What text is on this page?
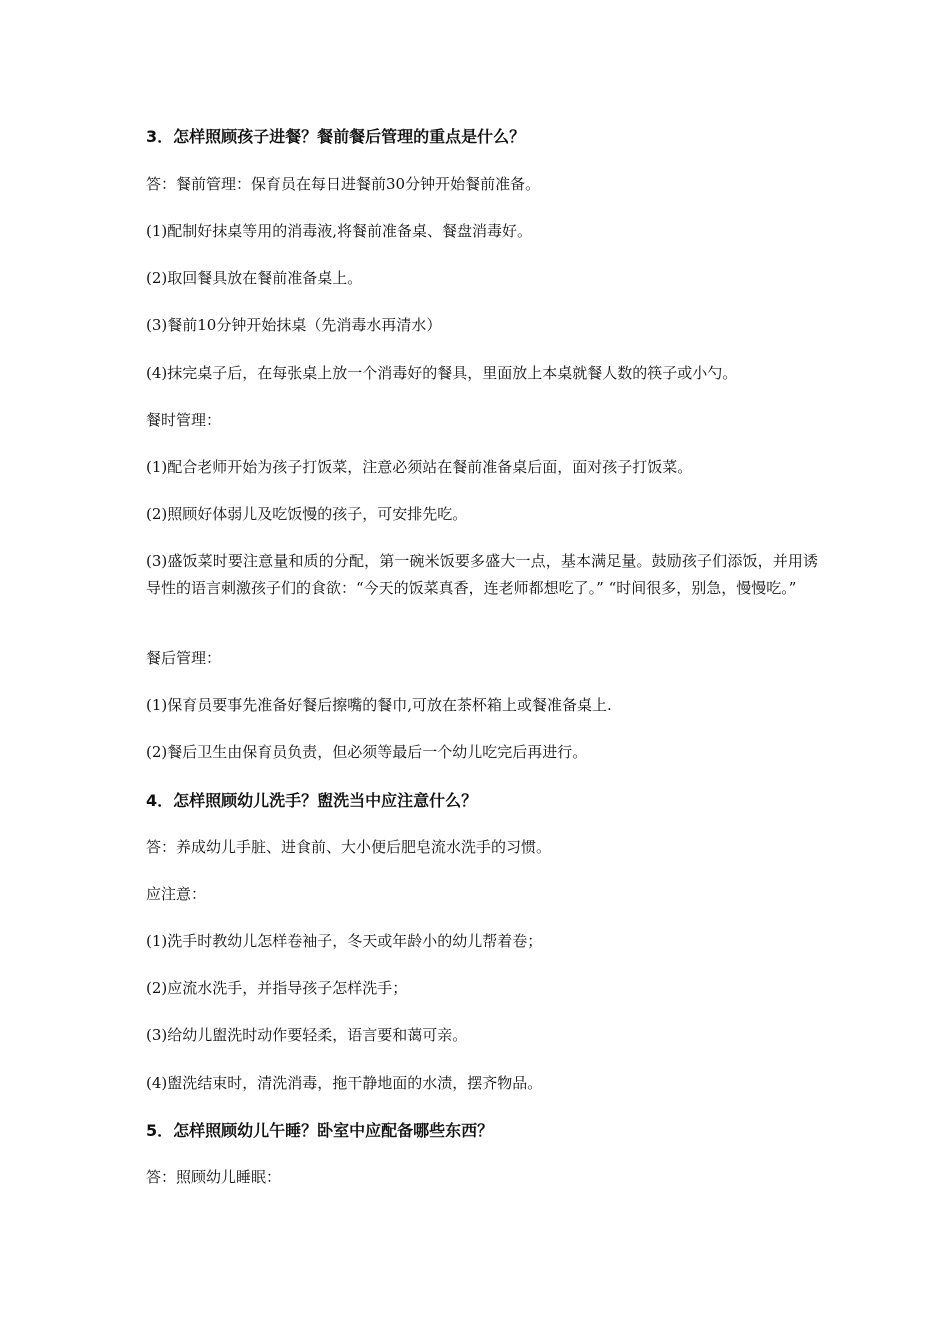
3．怎样照顾孩子进餐？餐前餐后管理的重点是什么？
答：餐前管理：保育员在每日进餐前30分钟开始餐前准备。
(1)配制好抹桌等用的消毒液,将餐前准备桌、餐盘消毒好。
(2)取回餐具放在餐前准备桌上。
(3)餐前10分钟开始抹桌（先消毒水再清水）
(4)抹完桌子后，在每张桌上放一个消毒好的餐具，里面放上本桌就餐人数的筷子或小勺。
餐时管理：
(1)配合老师开始为孩子打饭菜，注意必须站在餐前准备桌后面，面对孩子打饭菜。
(2)照顾好体弱儿及吃饭慢的孩子，可安排先吃。
(3)盛饭菜时要注意量和质的分配，第一碗米饭要多盛大一点，基本满足量。鼓励孩子们添饭，并用诱导性的语言刺激孩子们的食欲：“今天的饭菜真香，连老师都想吃了。” “时间很多，别急，慢慢吃。”
餐后管理：
(1)保育员要事先准备好餐后擦嘴的餐巾,可放在茶杯箱上或餐准备桌上.
(2)餐后卫生由保育员负责，但必须等最后一个幼儿吃完后再进行。
4．怎样照顾幼儿洗手？盥洗当中应注意什么？
答：养成幼儿手脏、进食前、大小便后肥皂流水洗手的习惯。
应注意：
(1)洗手时教幼儿怎样卷袖子，冬天或年龄小的幼儿帮着卷；
(2)应流水洗手，并指导孩子怎样洗手；
(3)给幼儿盥洗时动作要轻柔，语言要和蔼可亲。
(4)盥洗结束时，清洗消毒，拖干静地面的水渍，摆齐物品。
5．怎样照顾幼儿午睡？卧室中应配备哪些东西？
答：照顾幼儿睡眠：
